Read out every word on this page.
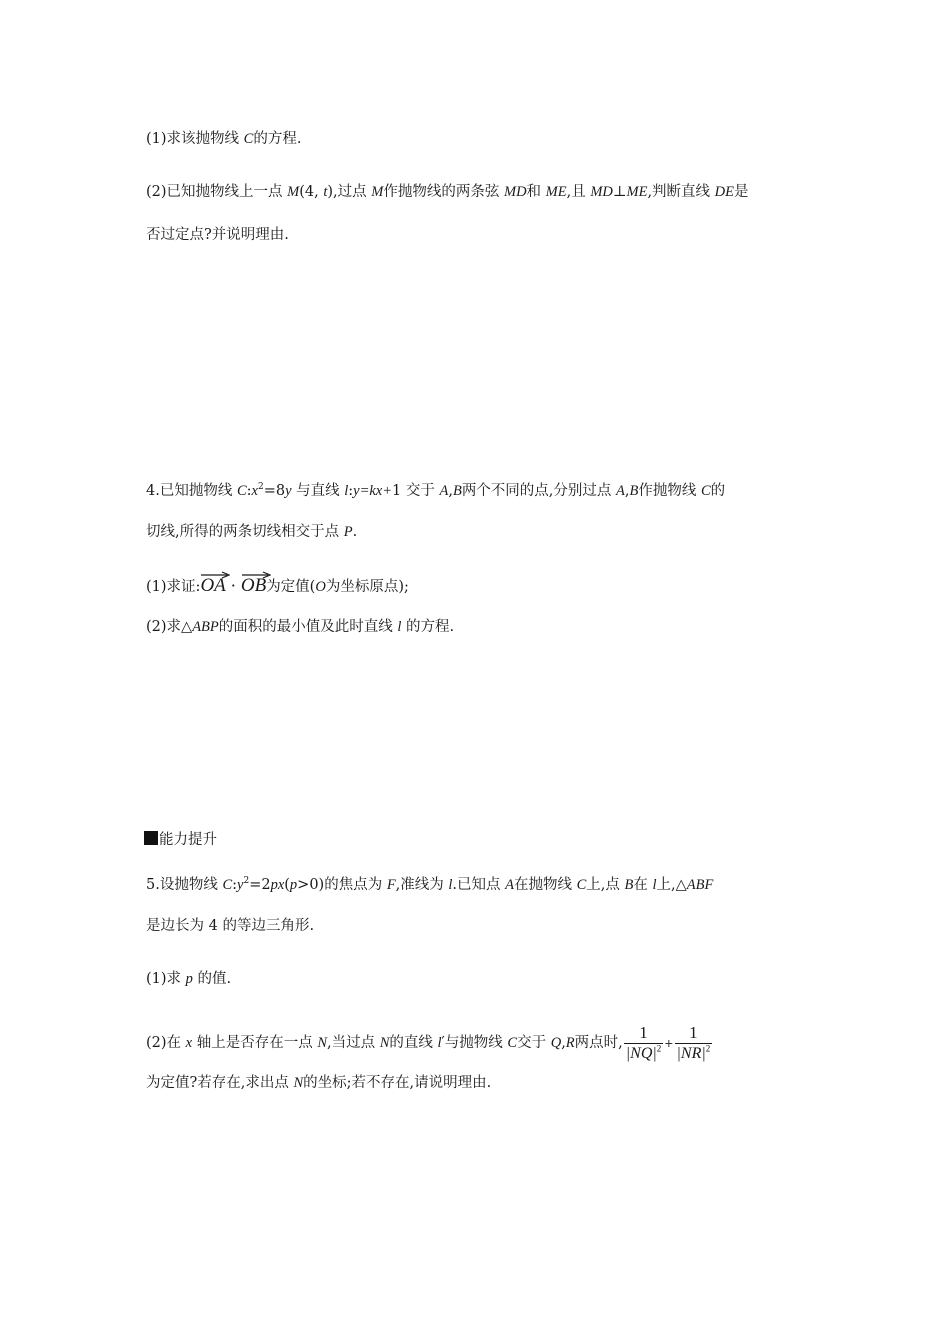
(1)求该抛物线 C的方程.
(2)已知抛物线上一点 M(4, t),过点 M作抛物线的两条弦 MD和 ME,且 MD⊥ME,判断直线 DE是
否过定点?并说明理由.
4.已知抛物线 $C:x^2=8y$ 与直线 l:y=kx+1 交于 A,B两个不同的点,分别过点 A,B作抛物线 C的
切线,所得的两条切线相交于点 P.
(1)求证:
OA · OB为定值(O为坐标原点);
(2)求△ABP的面积的最小值及此时直线 l 的方程.
能力提升
5.设抛物线 $C:y^2=2px(p>0)$的焦点为 F,准线为 l.已知点 A在抛物线 C上,点 B在 l上,△ABF
是边长为 4 的等边三角形.
(1)求 p 的值.
(2)在 x 轴上是否存在一点 N,当过点 N的直线 l′与抛物线 C交于 Q,R两点时, $\frac{1}{|NQ|^2} + \frac{1}{|NR|^2}$
为定值?若存在,求出点 N的坐标;若不存在,请说明理由.
